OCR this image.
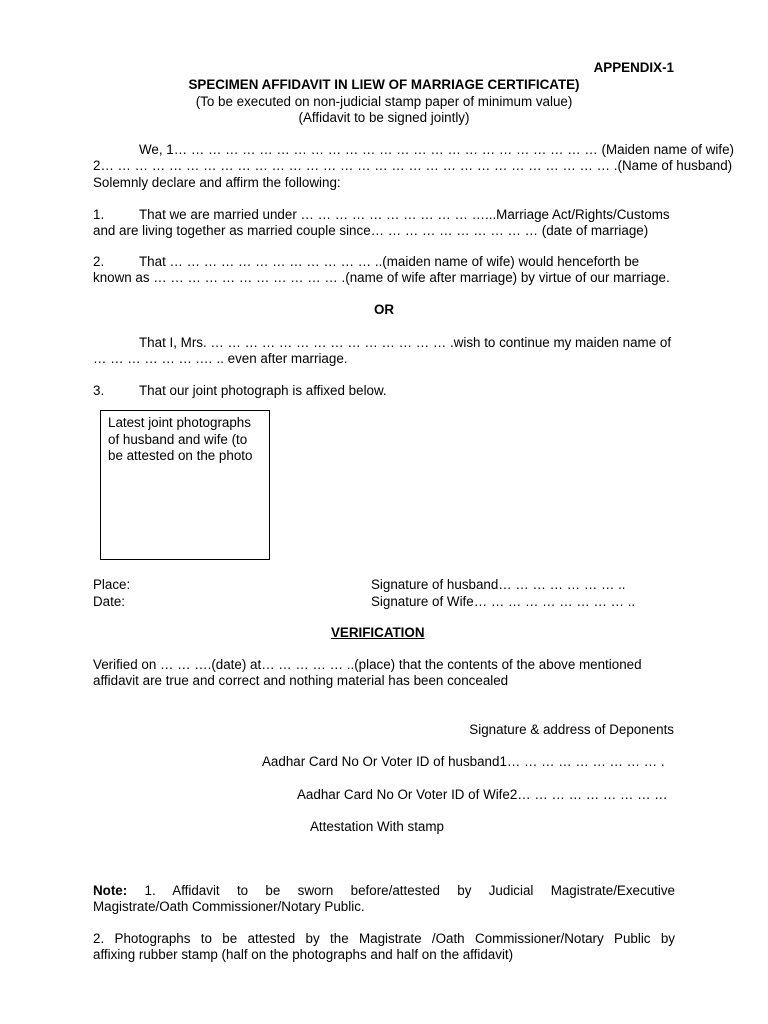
APPENDIX-1
SPECIMEN AFFIDAVIT IN LIEW OF MARRIAGE CERTIFICATE)
(To be executed on non-judicial stamp paper of minimum value)
(Affidavit to be signed jointly)
We, 1… … … … … … … … … … … … … … … … … … … … … … … … … (Maiden name of wife)
2… … … … … … … … … … … … … … … … … … … … … … … … … … … … … … .(Name of husband)
Solemnly declare and affirm the following:
1.	That we are married under … … … … … … … … … … …...Marriage Act/Rights/Customs
and are living together as married couple since… … … … … … … … … … (date of marriage)
2.	That … … … … … … … … … … … … ..(maiden name of wife) would henceforth be
known as … … … … … … … … … … … .(name of wife after marriage) by virtue of our marriage.
OR
That I, Mrs. … … … … … … … … … … … … … … .wish to continue my maiden name of
… … … … … … .… .. even after marriage.
3.	That our joint photograph is affixed below.
Latest joint photographs of husband and wife (to be attested on the photo
Place:
Date:
Signature of husband… … … … … … … ..
Signature of Wife… … … … … … … … … ..
VERIFICATION
Verified on … … ….(date) at… … … … … ..(place) that the contents of the above mentioned
affidavit are true and correct and nothing material has been concealed
Signature & address of Deponents
Aadhar Card No Or Voter ID of husband1… … … … … … … … … .
Aadhar Card No Or Voter ID of Wife2… … … … … … … … …
Attestation With stamp
Note: 1. Affidavit to be sworn before/attested by Judicial Magistrate/Executive
Magistrate/Oath Commissioner/Notary Public.
2. Photographs to be attested by the Magistrate /Oath Commissioner/Notary Public by
affixing rubber stamp (half on the photographs and half on the affidavit)
